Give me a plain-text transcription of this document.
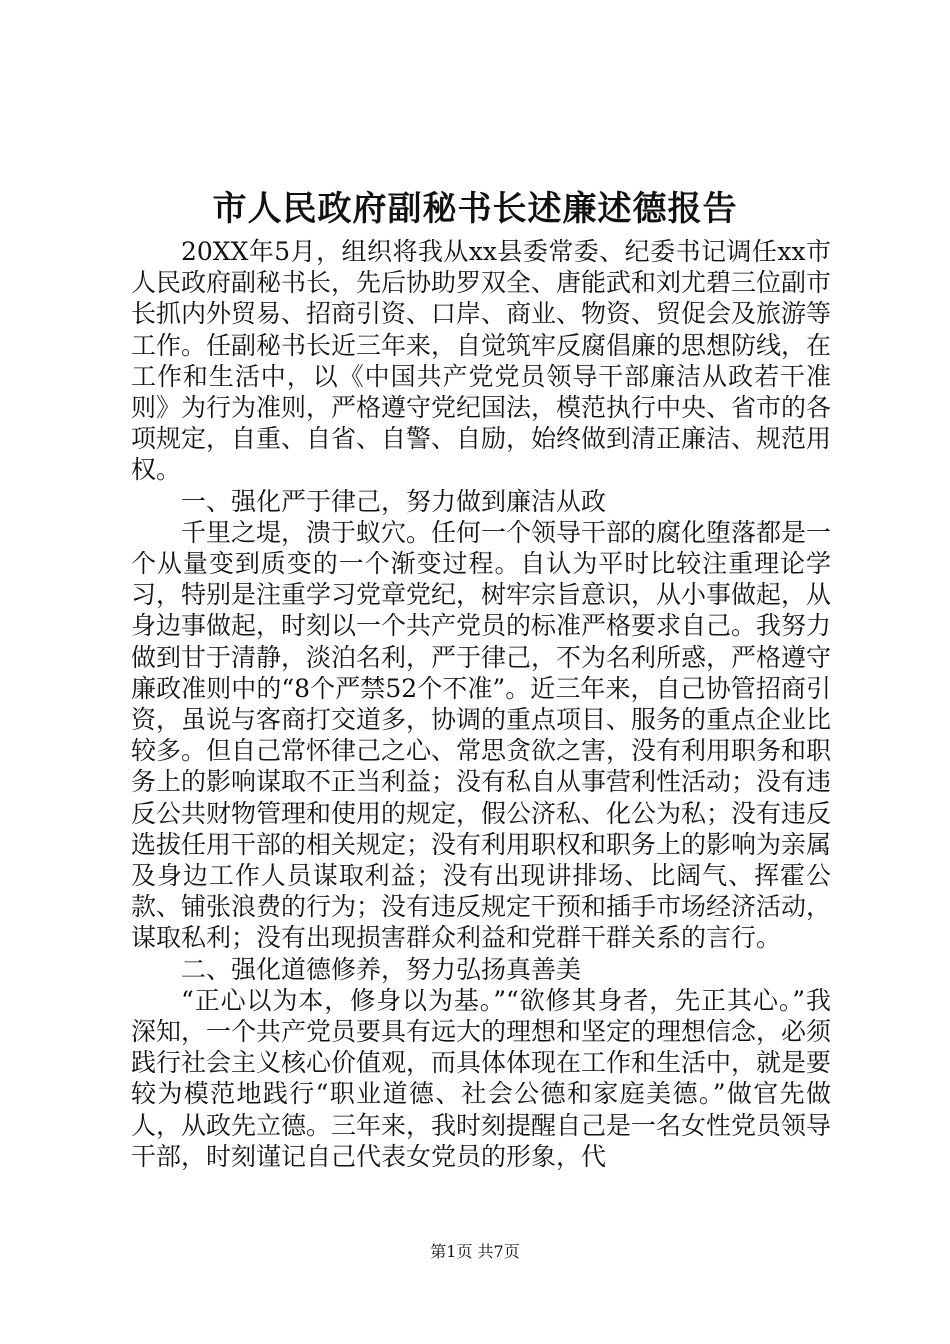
市人民政府副秘书长述廉述德报告

20XX年5月，组织将我从xx县委常委、纪委书记调任xx市人民政府副秘书长，先后协助罗双全、唐能武和刘尤碧三位副市长抓内外贸易、招商引资、口岸、商业、物资、贸促会及旅游等工作。任副秘书长近三年来，自觉筑牢反腐倡廉的思想防线，在工作和生活中，以《中国共产党党员领导干部廉洁从政若干准则》为行为准则，严格遵守党纪国法，模范执行中央、省市的各项规定，自重、自省、自警、自励，始终做到清正廉洁、规范用权。

一、强化严于律己，努力做到廉洁从政

千里之堤，溃于蚁穴。任何一个领导干部的腐化堕落都是一个从量变到质变的一个渐变过程。自认为平时比较注重理论学习，特别是注重学习党章党纪，树牢宗旨意识，从小事做起，从身边事做起，时刻以一个共产党员的标准严格要求自己。我努力做到甘于清静，淡泊名利，严于律己，不为名利所惑，严格遵守廉政准则中的“8个严禁52个不准”。近三年来，自己协管招商引资，虽说与客商打交道多，协调的重点项目、服务的重点企业比较多。但自己常怀律己之心、常思贪欲之害，没有利用职务和职务上的影响谋取不正当利益；没有私自从事营利性活动；没有违反公共财物管理和使用的规定，假公济私、化公为私；没有违反选拔任用干部的相关规定；没有利用职权和职务上的影响为亲属及身边工作人员谋取利益；没有出现讲排场、比阔气、挥霍公款、铺张浪费的行为；没有违反规定干预和插手市场经济活动，谋取私利；没有出现损害群众利益和党群干群关系的言行。

二、强化道德修养，努力弘扬真善美

“正心以为本，修身以为基。”“欲修其身者，先正其心。”我深知，一个共产党员要具有远大的理想和坚定的理想信念，必须践行社会主义核心价值观，而具体体现在工作和生活中，就是要较为模范地践行“职业道德、社会公德和家庭美德。”做官先做人，从政先立德。三年来，我时刻提醒自己是一名女性党员领导干部，时刻谨记自己代表女党员的形象，代

第1页 共7页
